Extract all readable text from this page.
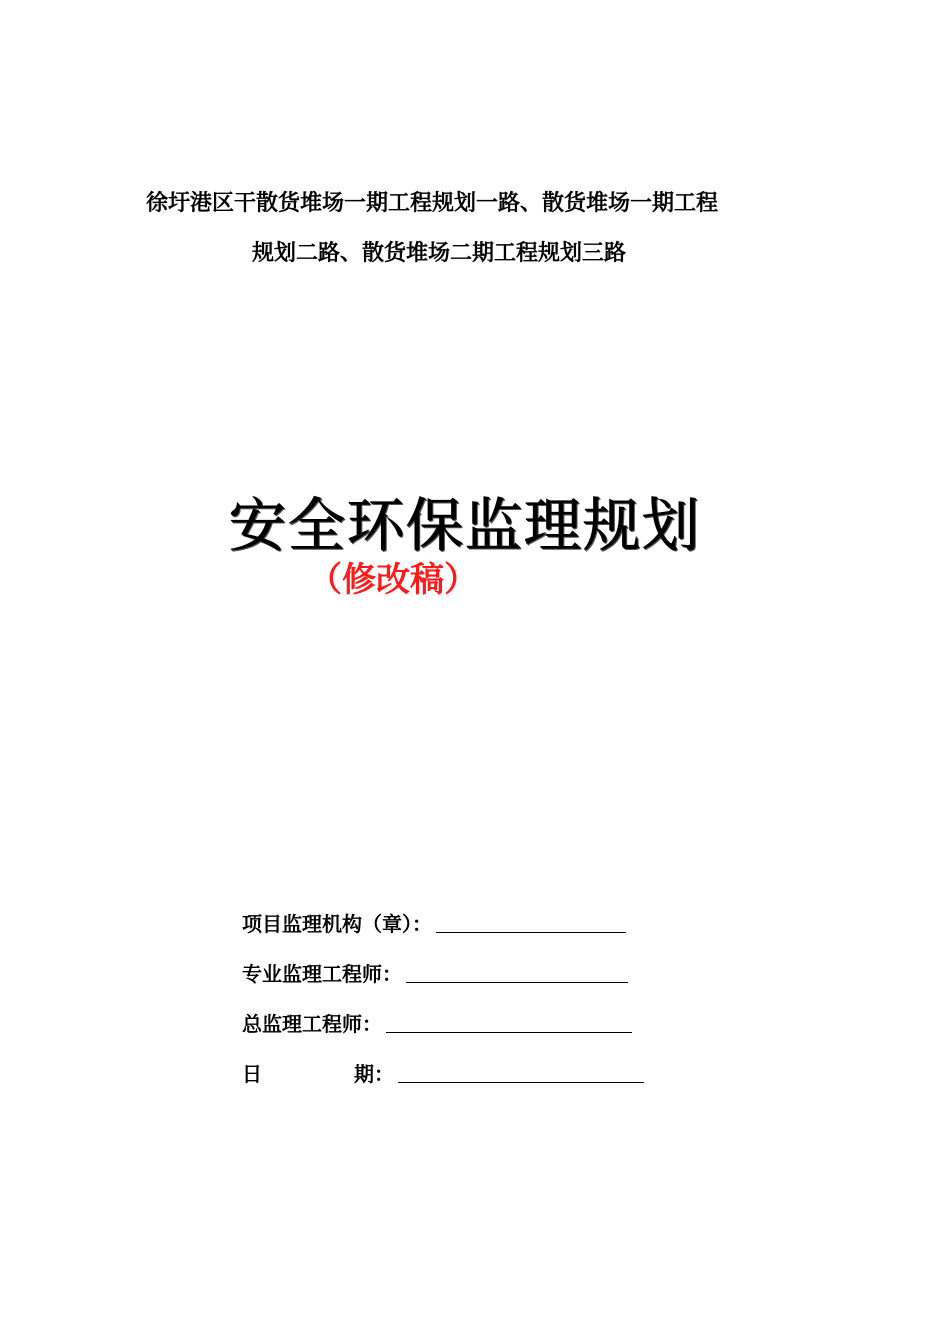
徐圩港区干散货堆场一期工程规划一路、散货堆场一期工程
规划二路、散货堆场二期工程规划三路
安全环保监理规划
（修改稿）
项目监理机构（章）：
专业监理工程师：
总监理工程师：
日	期：
